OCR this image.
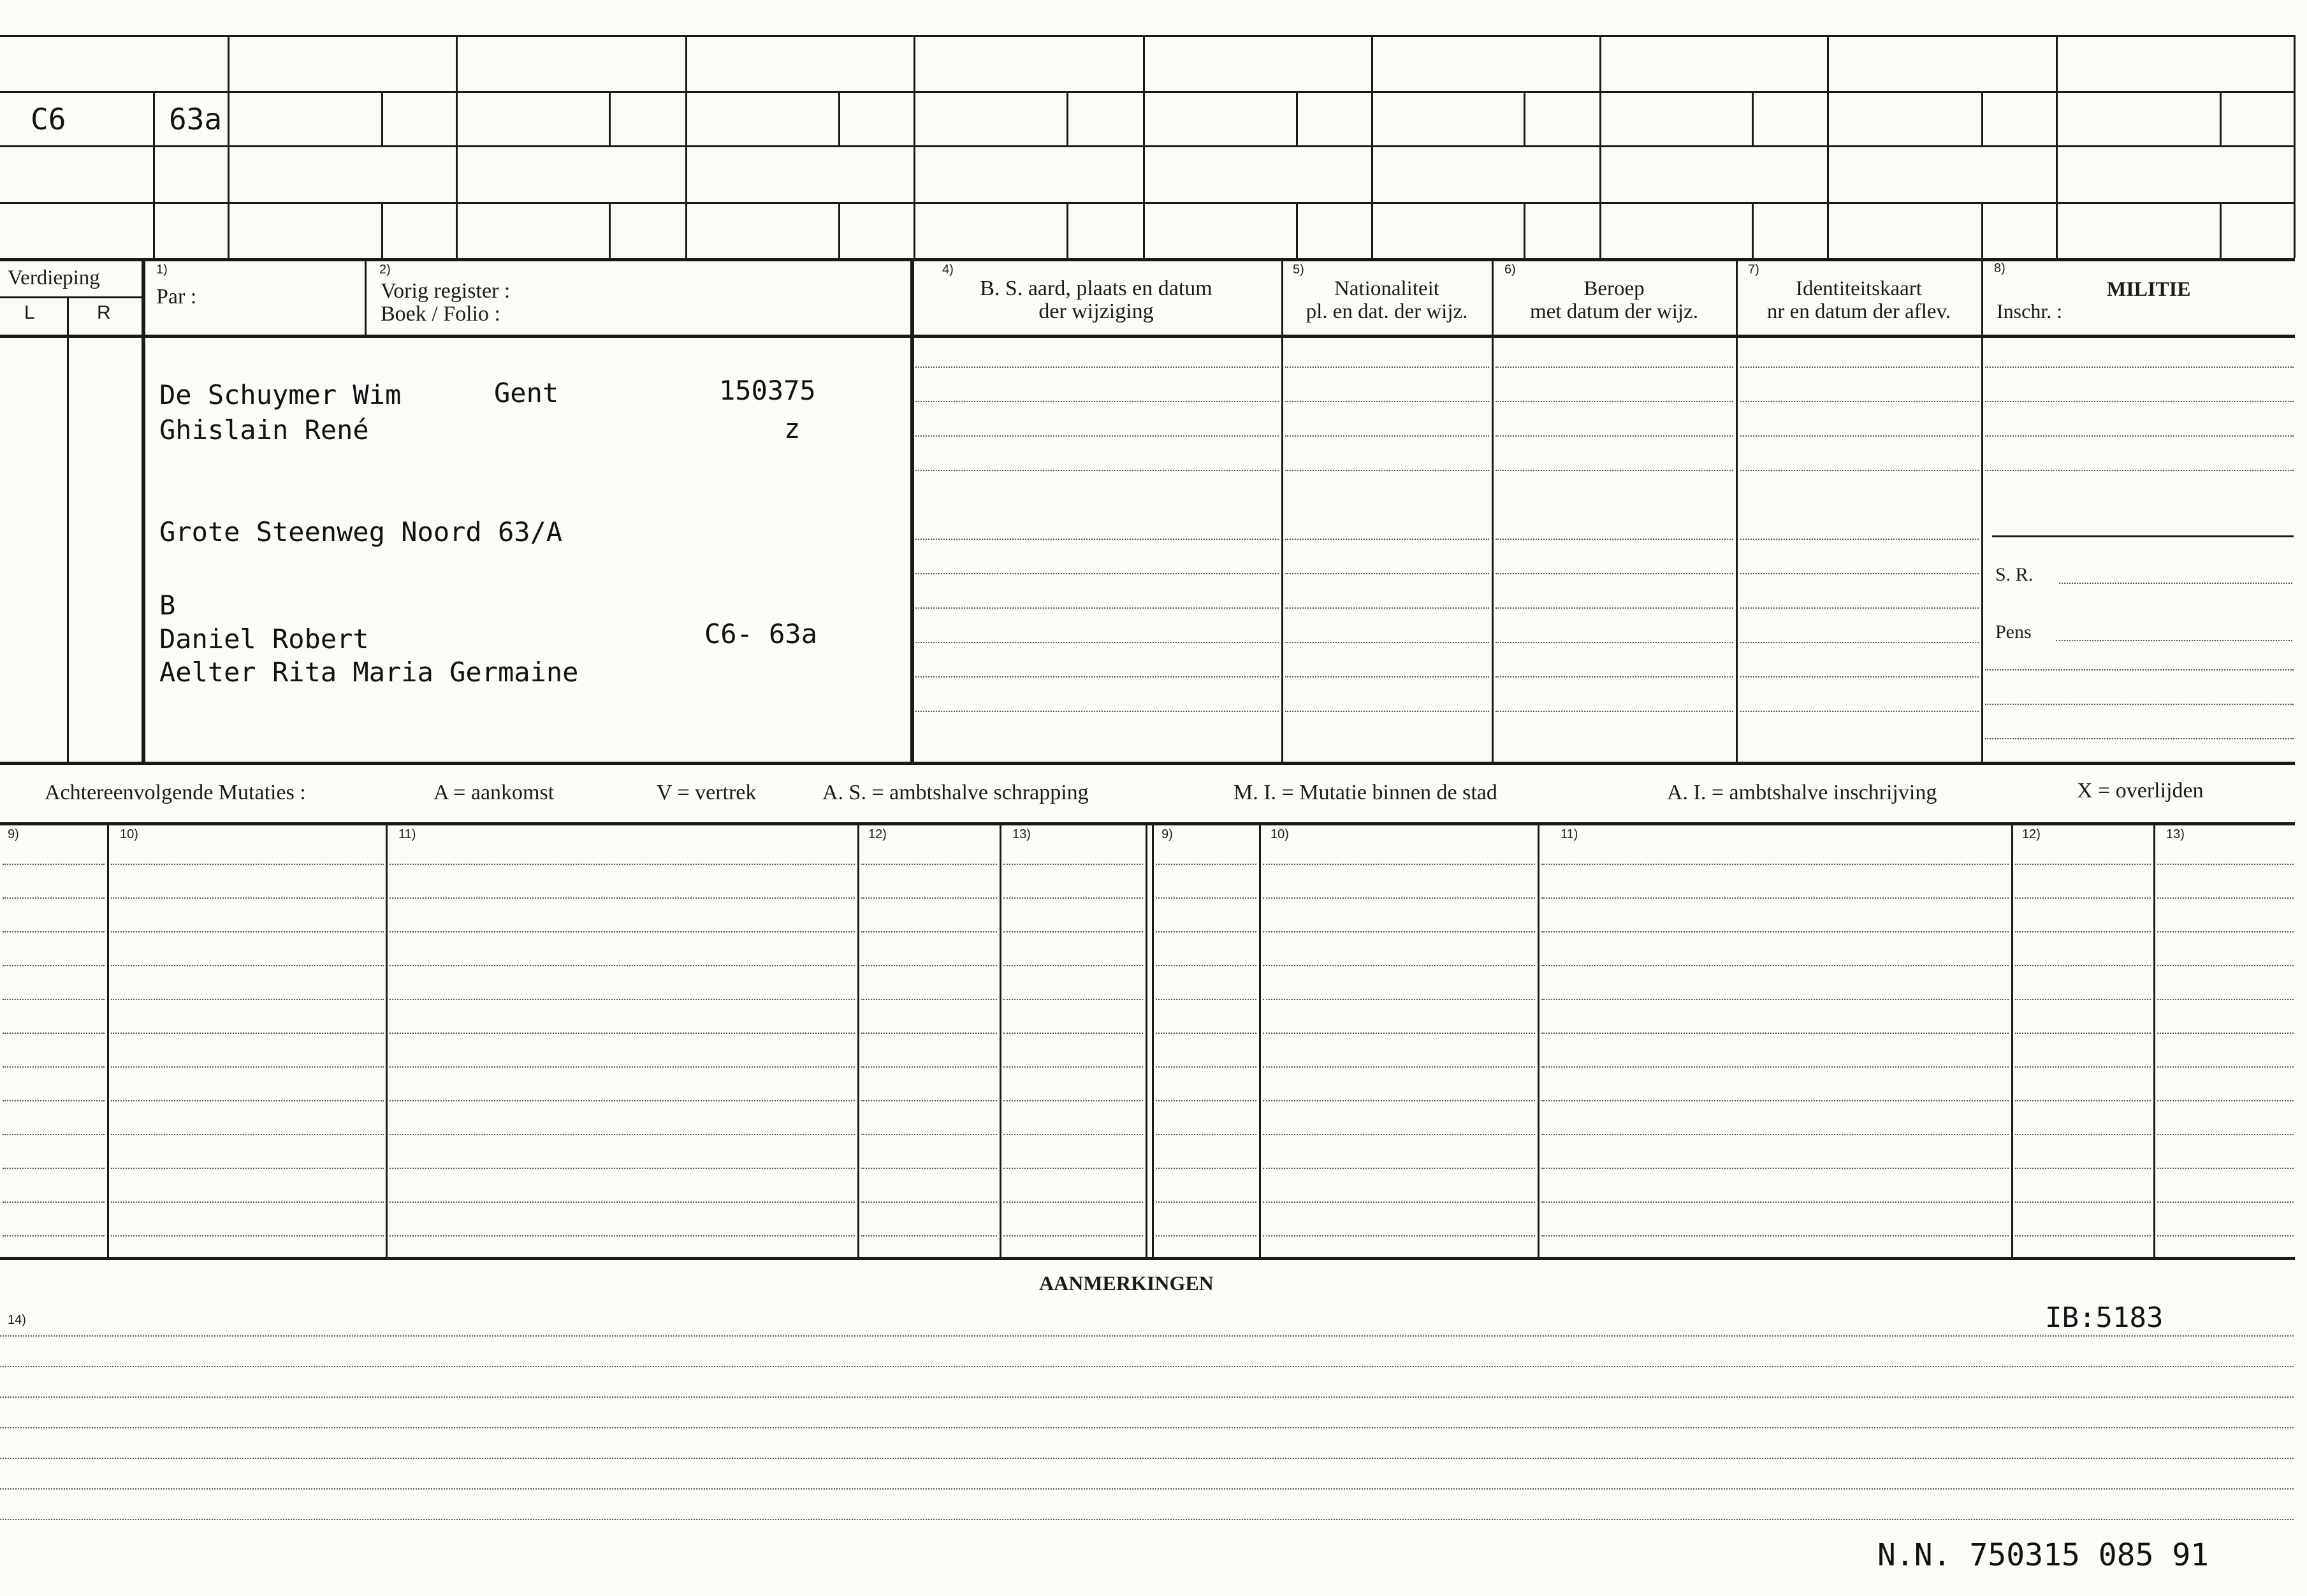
C6	63a
Verdieping
L	R
1)
Par :
2)
Vorig register :
Boek / Folio :
4)
B. S. aard, plaats en datum
der wijziging
5)
Nationaliteit
pl. en dat. der wijz.
6)
Beroep
met datum der wijz.
7)
Identiteitskaart
nr en datum der aflev.
8)
MILITIE
Inschr. :
S. R.
Pens
De Schuymer Wim	Gent	150375
Ghislain René	z
Grote Steenweg Noord 63/A
B
Daniel Robert	C6- 63a
Aelter Rita Maria Germaine
Achtereenvolgende Mutaties :	A = aankomst	V = vertrek	A. S. = ambtshalve schrapping	M. I. = Mutatie binnen de stad	A. I. = ambtshalve inschrijving	X = overlijden
9)	10)	11)	12)	13)	9)	10)	11)	12)	13)
AANMERKINGEN
14)	IB:5183
N.N. 750315 085 91
